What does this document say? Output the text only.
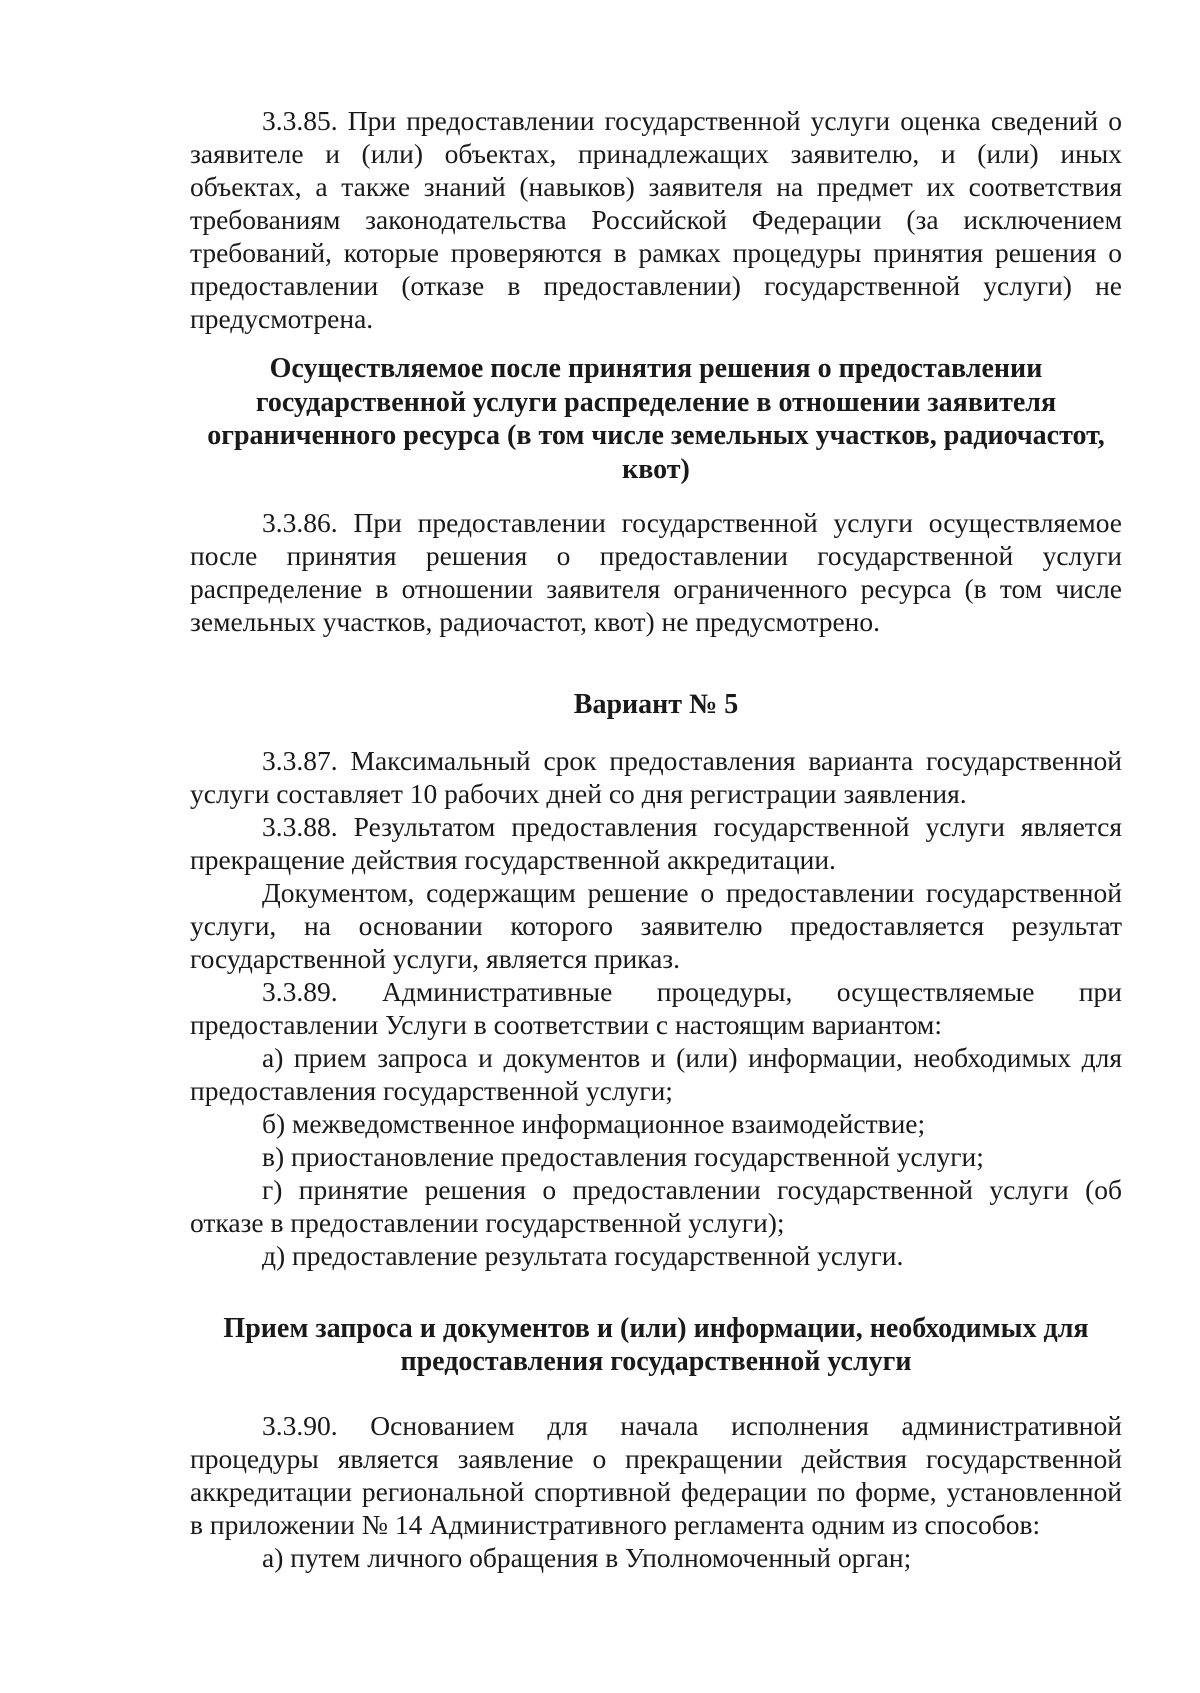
3.3.85. При предоставлении государственной услуги оценка сведений о заявителе и (или) объектах, принадлежащих заявителю, и (или) иных объектах, а также знаний (навыков) заявителя на предмет их соответствия требованиям законодательства Российской Федерации (за исключением требований, которые проверяются в рамках процедуры принятия решения о предоставлении (отказе в предоставлении) государственной услуги) не предусмотрена.

Осуществляемое после принятия решения о предоставлении государственной услуги распределение в отношении заявителя ограниченного ресурса (в том числе земельных участков, радиочастот, квот)

3.3.86. При предоставлении государственной услуги осуществляемое после принятия решения о предоставлении государственной услуги распределение в отношении заявителя ограниченного ресурса (в том числе земельных участков, радиочастот, квот) не предусмотрено.

Вариант № 5

3.3.87. Максимальный срок предоставления варианта государственной услуги составляет 10 рабочих дней со дня регистрации заявления.

3.3.88. Результатом предоставления государственной услуги является прекращение действия государственной аккредитации.

Документом, содержащим решение о предоставлении государственной услуги, на основании которого заявителю предоставляется результат государственной услуги, является приказ.

3.3.89. Административные процедуры, осуществляемые при предоставлении Услуги в соответствии с настоящим вариантом:

а) прием запроса и документов и (или) информации, необходимых для предоставления государственной услуги;

б) межведомственное информационное взаимодействие;

в) приостановление предоставления государственной услуги;

г) принятие решения о предоставлении государственной услуги (об отказе в предоставлении государственной услуги);

д) предоставление результата государственной услуги.

Прием запроса и документов и (или) информации, необходимых для предоставления государственной услуги

3.3.90. Основанием для начала исполнения административной процедуры является заявление о прекращении действия государственной аккредитации региональной спортивной федерации по форме, установленной в приложении № 14 Административного регламента одним из способов:

а) путем личного обращения в Уполномоченный орган;
